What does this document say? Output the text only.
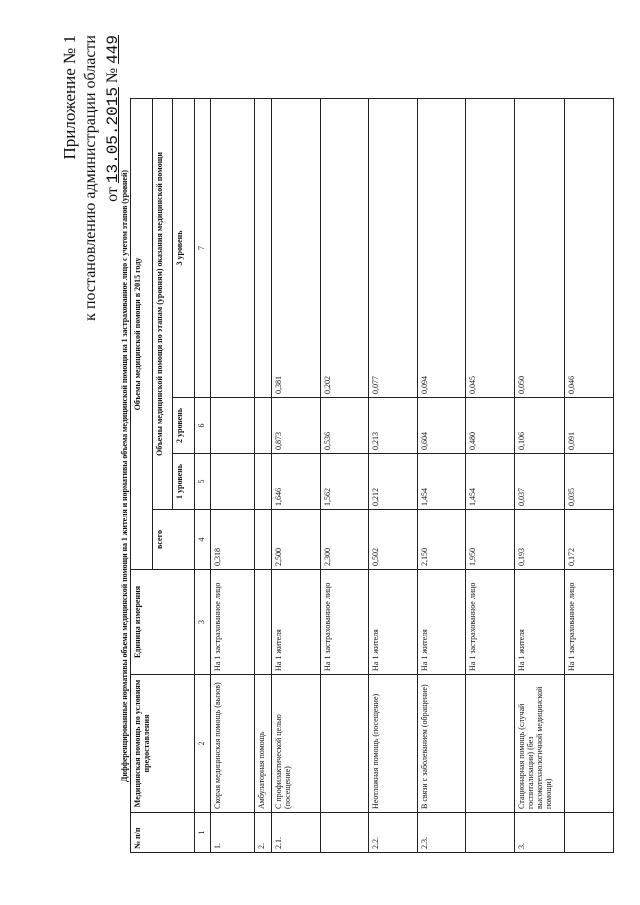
Приложение № 1 к постановлению администрации области от 13.05.2015 № 449
Дифференцированные нормативы объема медицинской помощи на 1 жителя и нормативы объема медицинской помощи на 1 застрахованное лицо с учетом этапов (уровней)
№ п/п	Медицинская помощь по условиям предоставления	Единица измерения	Объемы медицинской помощи в 2015 году			
			всего	Объемы медицинской помощи по этапам (уровням) оказания медицинской помощи		
				1 уровень	2 уровень	3 уровень
1	2	3	4	5	6	7
1.	Скорая медицинская помощь (вызов)	На 1 застрахованное лицо	0,318			
2.	Амбулаторная помощь					
2.1.	С профилактической целью (посещение)	На 1 жителя	2,500	1,646	0,873	0,381
		На 1 застрахованное лицо	2,300	1,562	0,536	0,202
2.2.	Неотложная помощь (посещение)	На 1 жителя	0,502	0,212	0,213	0,077
2.3.	В связи с заболеванием (обращение)	На 1 жителя	2,150	1,454	0,604	0,094
		На 1 застрахованное лицо	1,950	1,454	0,480	0,045
3.	Стационарная помощь (случай госпитализации) (без высокотехнологичной медицинской помощи)	На 1 жителя	0,193	0,037	0,106	0,050
		На 1 застрахованное лицо	0,172	0,035	0,091	0,046
